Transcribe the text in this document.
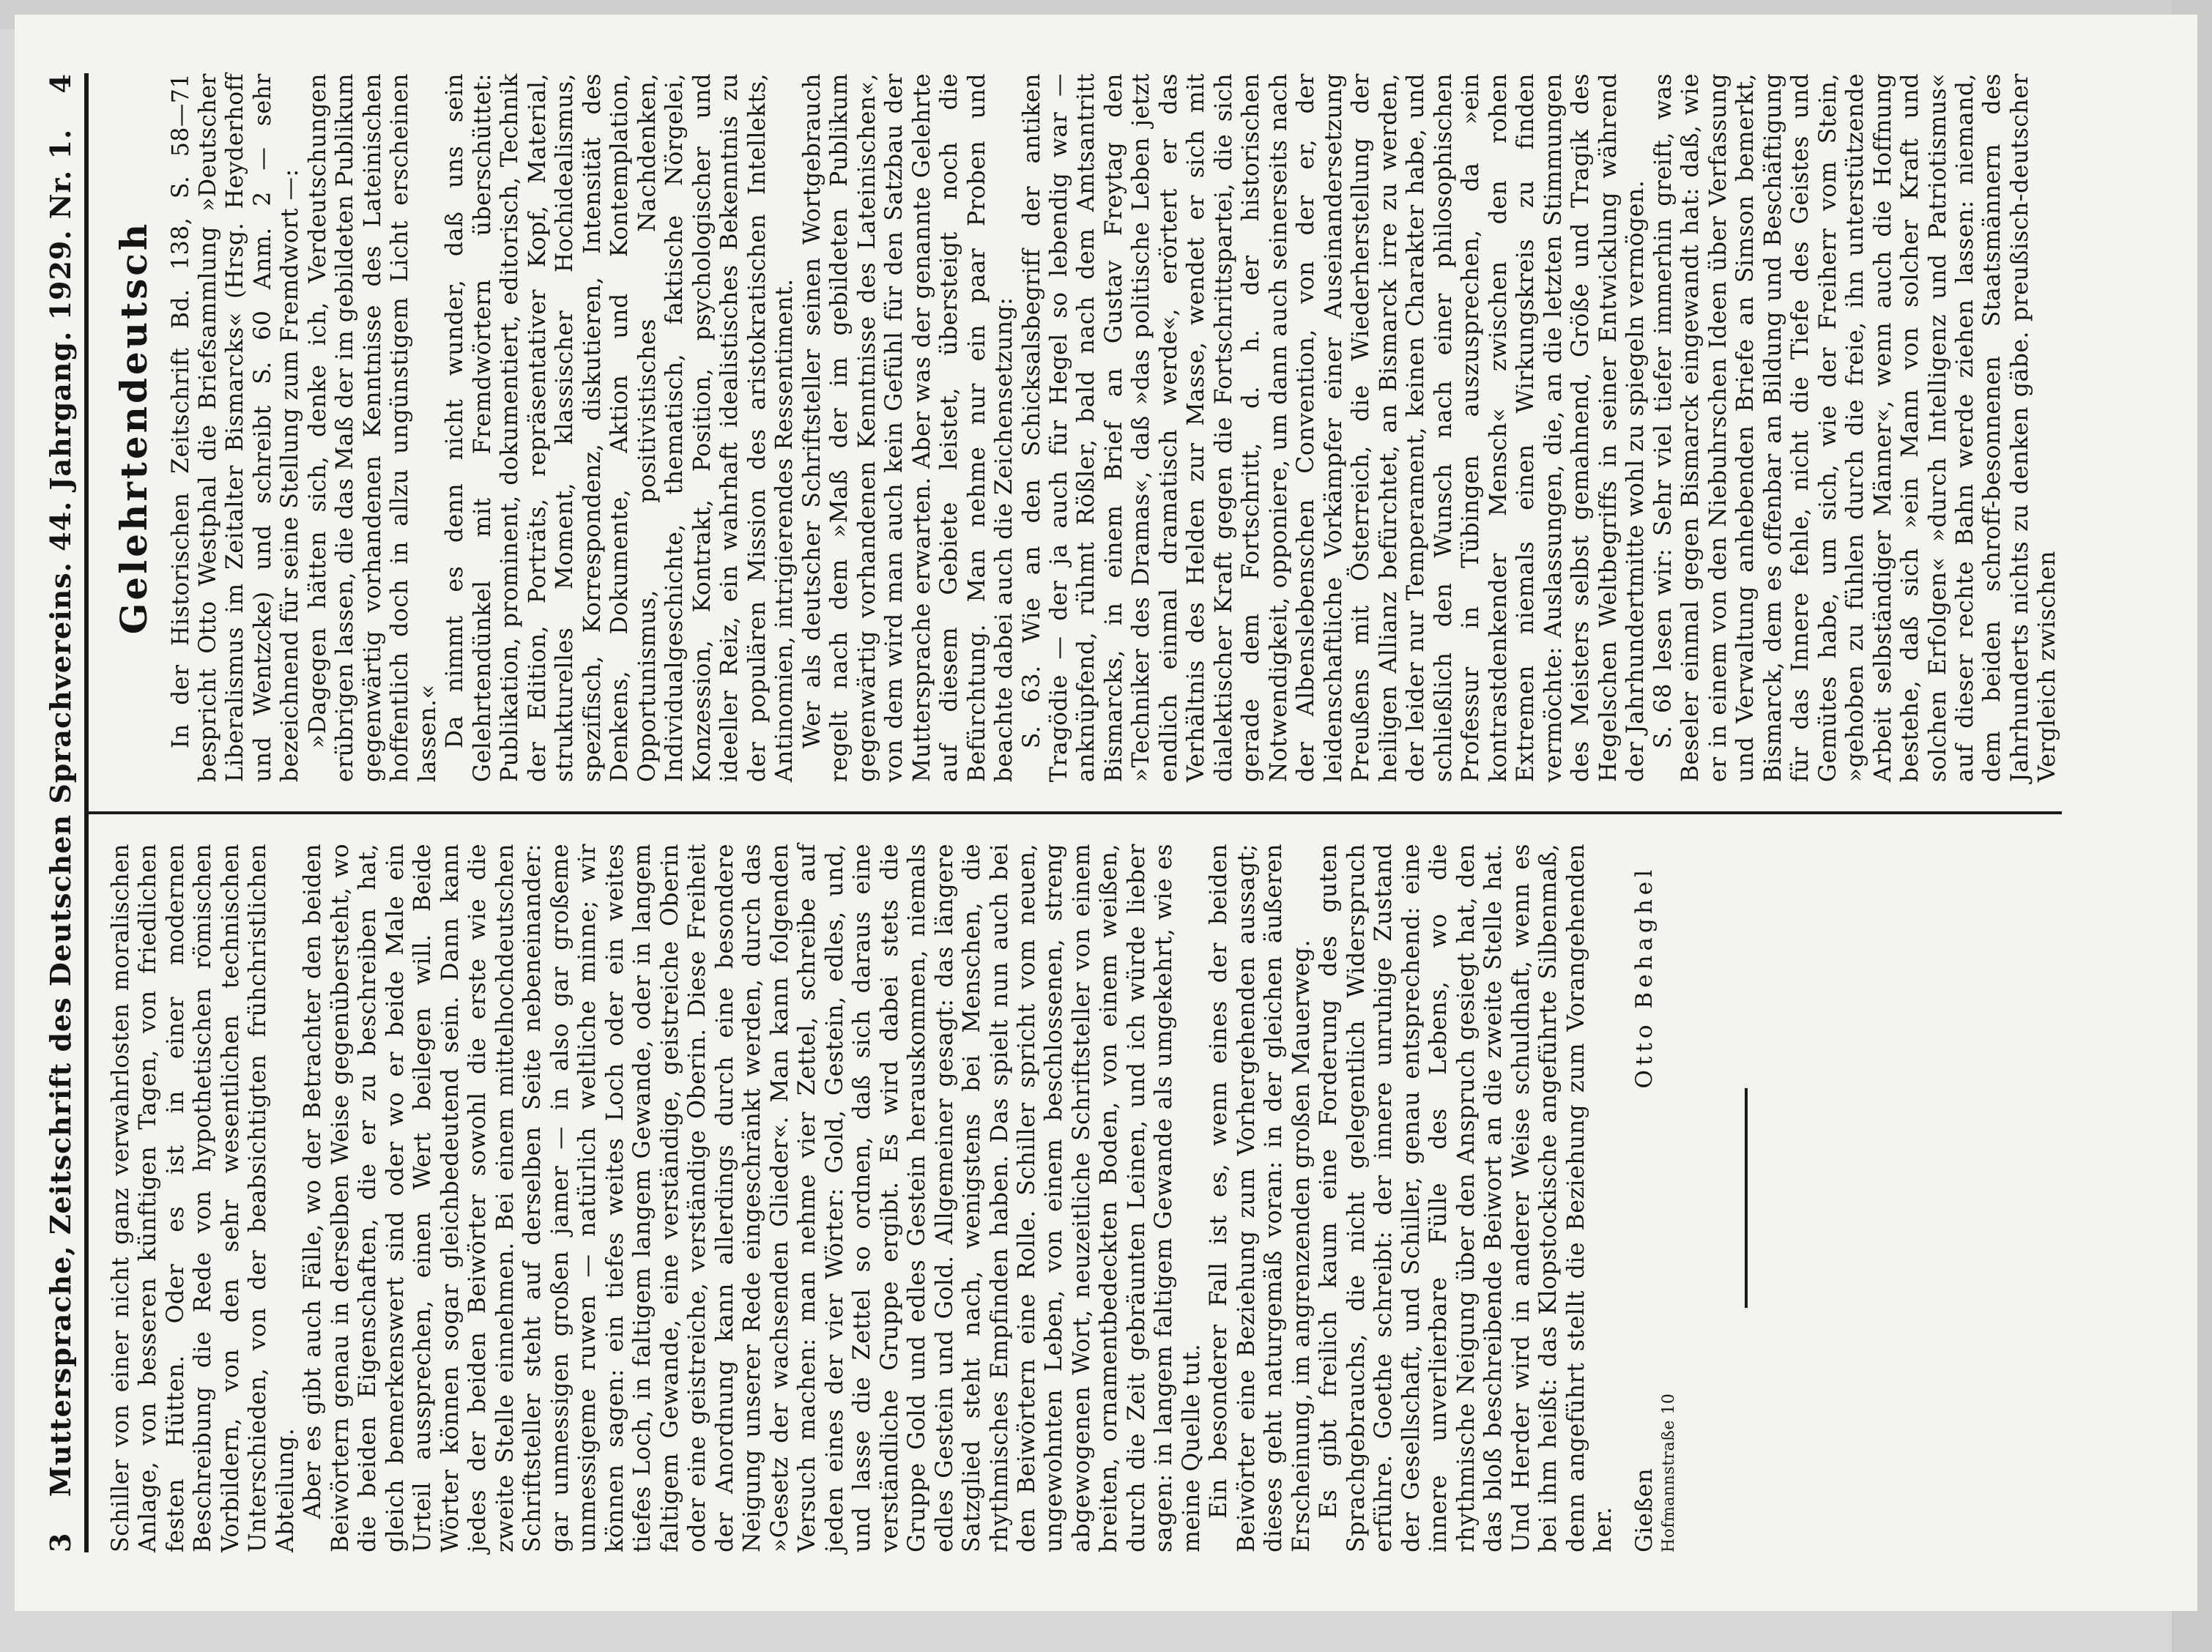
3
Muttersprache, Zeitschrift des Deutschen Sprachvereins. 44. Jahrgang. 1929. Nr. 1.
4

Schiller von einer nicht ganz verwahrlosten moralischen Anlage, von besseren künftigen Tagen, von friedlichen festen Hütten. Oder es ist in einer modernen Beschreibung die Rede von hypothetischen römischen Vorbildern, von den sehr wesentlichen technischen Unterschieden, von der beabsichtigten frühchristlichen Abteilung. Aber es gibt auch Fälle, wo der Betrachter den beiden Beiwörtern genau in derselben Weise gegenübersteht, wo die beiden Eigenschaften, die er zu beschreiben hat, gleich bemerkenswert sind oder wo er beide Male ein Urteil aussprechen, einen Wert beilegen will. Beide Wörter können sogar gleichbedeutend sein. Dann kann jedes der beiden Beiwörter sowohl die erste wie die zweite Stelle einnehmen. Bei einem mittelhochdeutschen Schriftsteller steht auf derselben Seite nebeneinander: gar unmessigen großen jamer — in also gar großeme unmessigeme ruwen — natürlich weltliche minne; wir können sagen: ein tiefes weites Loch oder ein weites tiefes Loch, in faltigem langem Gewande, oder in langem faltigem Gewande, eine verständige, geistreiche Oberin oder eine geistreiche, verständige Oberin. Diese Freiheit der Anordnung kann allerdings durch eine besondere Neigung unserer Rede eingeschränkt werden, durch das »Gesetz der wachsenden Glieder«. Man kann folgenden Versuch machen: man nehme vier Zettel, schreibe auf jeden eines der vier Wörter: Gold, Gestein, edles, und, und lasse die Zettel so ordnen, daß sich daraus eine verständliche Gruppe ergibt. Es wird dabei stets die Gruppe Gold und edles Gestein herauskommen, niemals edles Gestein und Gold. Allgemeiner gesagt: das längere Satzglied steht nach, wenigstens bei Menschen, die rhythmisches Empfinden haben. Das spielt nun auch bei den Beiwörtern eine Rolle. Schiller spricht vom neuen, ungewohnten Leben, von einem beschlossenen, streng abgewogenen Wort, neuzeitliche Schriftsteller von einem breiten, ornamentbedeckten Boden, von einem weißen, durch die Zeit gebräunten Leinen, und ich würde lieber sagen: in langem faltigem Gewande als umgekehrt, wie es meine Quelle tut. Ein besonderer Fall ist es, wenn eines der beiden Beiwörter eine Beziehung zum Vorhergehenden aussagt; dieses geht naturgemäß voran: in der gleichen äußeren Erscheinung, im angrenzenden großen Mauerweg. Es gibt freilich kaum eine Forderung des guten Sprachgebrauchs, die nicht gelegentlich Widerspruch erführe. Goethe schreibt: der innere unruhige Zustand der Gesellschaft, und Schiller, genau entsprechend: eine innere unverlierbare Fülle des Lebens, wo die rhythmische Neigung über den Anspruch gesiegt hat, den das bloß beschreibende Beiwort an die zweite Stelle hat. Und Herder wird in anderer Weise schuldhaft, wenn es bei ihm heißt: das Klopstockische angeführte Silbenmaß, denn angeführt stellt die Beziehung zum Vorangehenden her. Gießen Hofmannstraße 10
Otto Behaghel
Gelehrtendeutsch In der Historischen Zeitschrift Bd. 138, S. 58—71 bespricht Otto Westphal die Briefsammlung »Deutscher Liberalismus im Zeitalter Bismarcks« (Hrsg. Heyderhoff und Wentzcke) und schreibt S. 60 Anm. 2 — sehr bezeichnend für seine Stellung zum Fremdwort —: »Dagegen hätten sich, denke ich, Verdeutschungen erübrigen lassen, die das Maß der im gebildeten Publikum gegenwärtig vorhandenen Kenntnisse des Lateinischen hoffentlich doch in allzu ungünstigem Licht erscheinen lassen.« Da nimmt es denn nicht wunder, daß uns sein Gelehrtendünkel mit Fremdwörtern überschüttet: Publikation, prominent, dokumentiert, editorisch, Technik der Edition, Porträts, repräsentativer Kopf, Material, strukturelles Moment, klassischer Hochidealismus, spezifisch, Korrespondenz, diskutieren, Intensität des Denkens, Dokumente, Aktion und Kontemplation, Opportunismus, positivistisches Nachdenken, Individualgeschichte, thematisch, faktische Nörgelei, Konzession, Kontrakt, Position, psychologischer und ideeller Reiz, ein wahrhaft idealistisches Bekenntnis zu der populären Mission des aristokratischen Intellekts, Antinomien, intrigierendes Ressentiment. Wer als deutscher Schriftsteller seinen Wortgebrauch regelt nach dem »Maß der im gebildeten Publikum gegenwärtig vorhandenen Kenntnisse des Lateinischen«, von dem wird man auch kein Gefühl für den Satzbau der Muttersprache erwarten. Aber was der genannte Gelehrte auf diesem Gebiete leistet, übersteigt noch die Befürchtung. Man nehme nur ein paar Proben und beachte dabei auch die Zeichensetzung: S. 63. Wie an den Schicksalsbegriff der antiken Tragödie — der ja auch für Hegel so lebendig war — anknüpfend, rühmt Rößler, bald nach dem Amtsantritt Bismarcks, in einem Brief an Gustav Freytag den »Techniker des Dramas«, daß »das politische Leben jetzt endlich einmal dramatisch werde«, erörtert er das Verhältnis des Helden zur Masse, wendet er sich mit dialektischer Kraft gegen die Fortschrittspartei, die sich gerade dem Fortschritt, d. h. der historischen Notwendigkeit, opponiere, um dann auch seinerseits nach der Albenslebenschen Convention, von der er, der leidenschaftliche Vorkämpfer einer Auseinandersetzung Preußens mit Österreich, die Wiederherstellung der heiligen Allianz befürchtet, an Bismarck irre zu werden, der leider nur Temperament, keinen Charakter habe, und schließlich den Wunsch nach einer philosophischen Professur in Tübingen auszusprechen, da »ein kontrastdenkender Mensch« zwischen den rohen Extremen niemals einen Wirkungskreis zu finden vermöchte: Auslassungen, die, an die letzten Stimmungen des Meisters selbst gemahnend, Größe und Tragik des Hegelschen Weltbegriffs in seiner Entwicklung während der Jahrhundertmitte wohl zu spiegeln vermögen. S. 68 lesen wir: Sehr viel tiefer immerhin greift, was Beseler einmal gegen Bismarck eingewandt hat: daß, wie er in einem von den Niebuhrschen Ideen über Verfassung und Verwaltung anhebenden Briefe an Simson bemerkt, Bismarck, dem es offenbar an Bildung und Beschäftigung für das Innere fehle, nicht die Tiefe des Geistes und Gemütes habe, um sich, wie der Freiherr vom Stein, »gehoben zu fühlen durch die freie, ihn unterstützende Arbeit selbständiger Männer«, wenn auch die Hoffnung bestehe, daß sich »ein Mann von solcher Kraft und solchen Erfolgen« »durch Intelligenz und Patriotismus« auf dieser rechte Bahn werde ziehen lassen: niemand, dem beiden schroff-besonnenen Staatsmännern des Jahrhunderts nichts zu denken gäbe. preußisch-deutscher Vergleich zwischen
